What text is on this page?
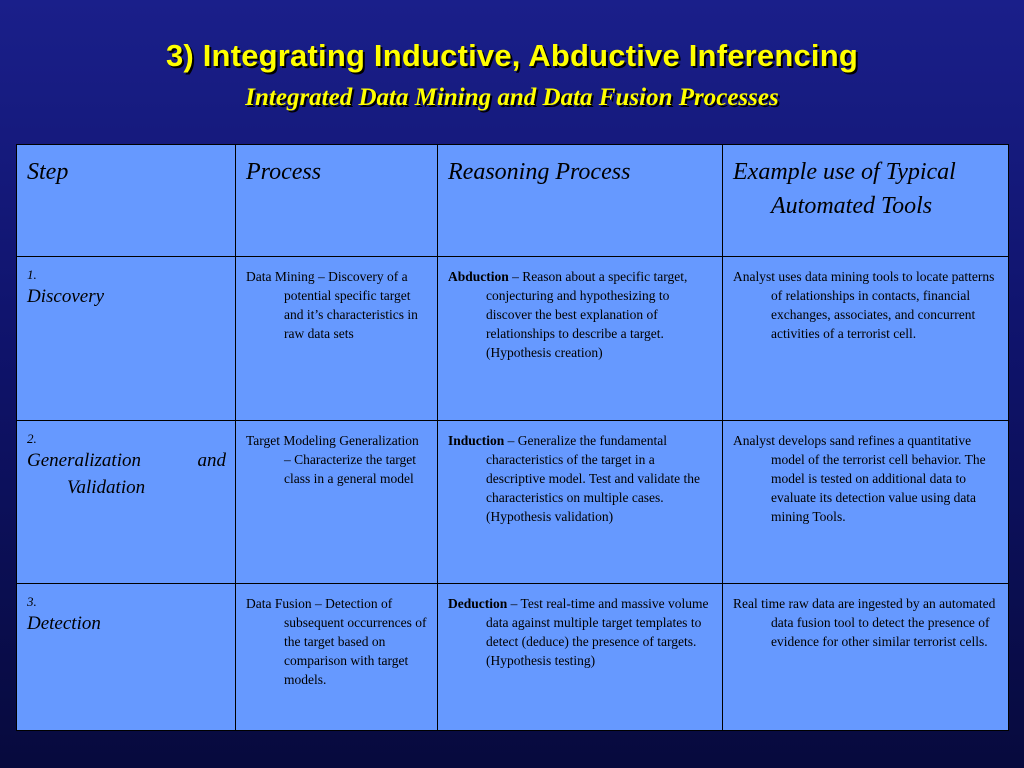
3) Integrating Inductive, Abductive Inferencing
Integrated Data Mining and Data Fusion Processes
Step	Process	Reasoning Process	Example use of Typical Automated Tools

1.
Discovery	Data Mining – Discovery of a potential specific target and it’s characteristics in raw data sets	Abduction – Reason about a specific target, conjecturing and hypothesizing to discover the best explanation of relationships to describe a target. (Hypothesis creation)	Analyst uses data mining tools to locate patterns of relationships in contacts, financial exchanges, associates, and concurrent activities of a terrorist cell.

2.
Generalization and
Validation	Target Modeling Generalization – Characterize the target class in a general model	Induction – Generalize the fundamental characteristics of the target in a descriptive model. Test and validate the characteristics on multiple cases. (Hypothesis validation)	Analyst develops sand refines a quantitative model of the terrorist cell behavior. The model is tested on additional data to evaluate its detection value using data mining Tools.

3.
Detection	Data Fusion – Detection of subsequent occurrences of the target based on comparison with target models.	Deduction – Test real-time and massive volume data against multiple target templates to detect (deduce) the presence of targets. (Hypothesis testing)	Real time raw data are ingested by an automated data fusion tool to detect the presence of evidence for other similar terrorist cells.
